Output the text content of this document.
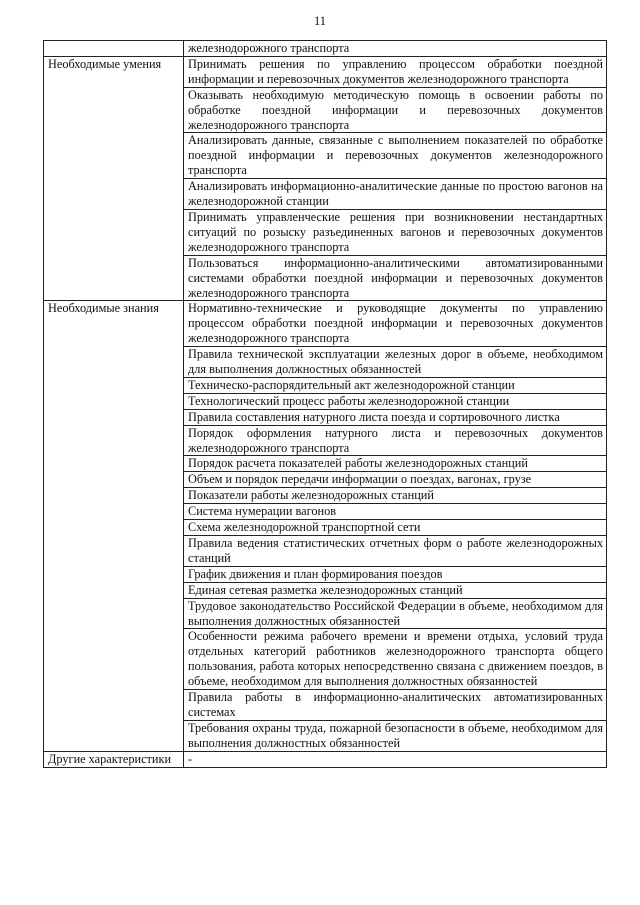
11
	железнодорожного транспорта
Необходимые умения	Принимать решения по управлению процессом обработки поездной информации и перевозочных документов железнодорожного транспорта
	Оказывать необходимую методическую помощь в освоении работы по обработке поездной информации и перевозочных документов железнодорожного транспорта
	Анализировать данные, связанные с выполнением показателей по обработке поездной информации и перевозочных документов железнодорожного транспорта
	Анализировать информационно-аналитические данные по простою вагонов на железнодорожной станции
	Принимать управленческие решения при возникновении нестандартных ситуаций по розыску разъединенных вагонов и перевозочных документов железнодорожного транспорта
	Пользоваться информационно-аналитическими автоматизированными системами обработки поездной информации и перевозочных документов железнодорожного транспорта
Необходимые знания	Нормативно-технические и руководящие документы по управлению процессом обработки поездной информации и перевозочных документов железнодорожного транспорта
	Правила технической эксплуатации железных дорог в объеме, необходимом для выполнения должностных обязанностей
	Техническо-распорядительный акт железнодорожной станции
	Технологический процесс работы железнодорожной станции
	Правила составления натурного листа поезда и сортировочного листка
	Порядок оформления натурного листа и перевозочных документов железнодорожного транспорта
	Порядок расчета показателей работы железнодорожных станций
	Объем и порядок передачи информации о поездах, вагонах, грузе
	Показатели работы железнодорожных станций
	Система нумерации вагонов
	Схема железнодорожной транспортной сети
	Правила ведения статистических отчетных форм о работе железнодорожных станций
	График движения и план формирования поездов
	Единая сетевая разметка железнодорожных станций
	Трудовое законодательство Российской Федерации в объеме, необходимом для выполнения должностных обязанностей
	Особенности режима рабочего времени и времени отдыха, условий труда отдельных категорий работников железнодорожного транспорта общего пользования, работа которых непосредственно связана с движением поездов, в объеме, необходимом для выполнения должностных обязанностей
	Правила работы в информационно-аналитических автоматизированных системах
	Требования охраны труда, пожарной безопасности в объеме, необходимом для выполнения должностных обязанностей
Другие характеристики	-
